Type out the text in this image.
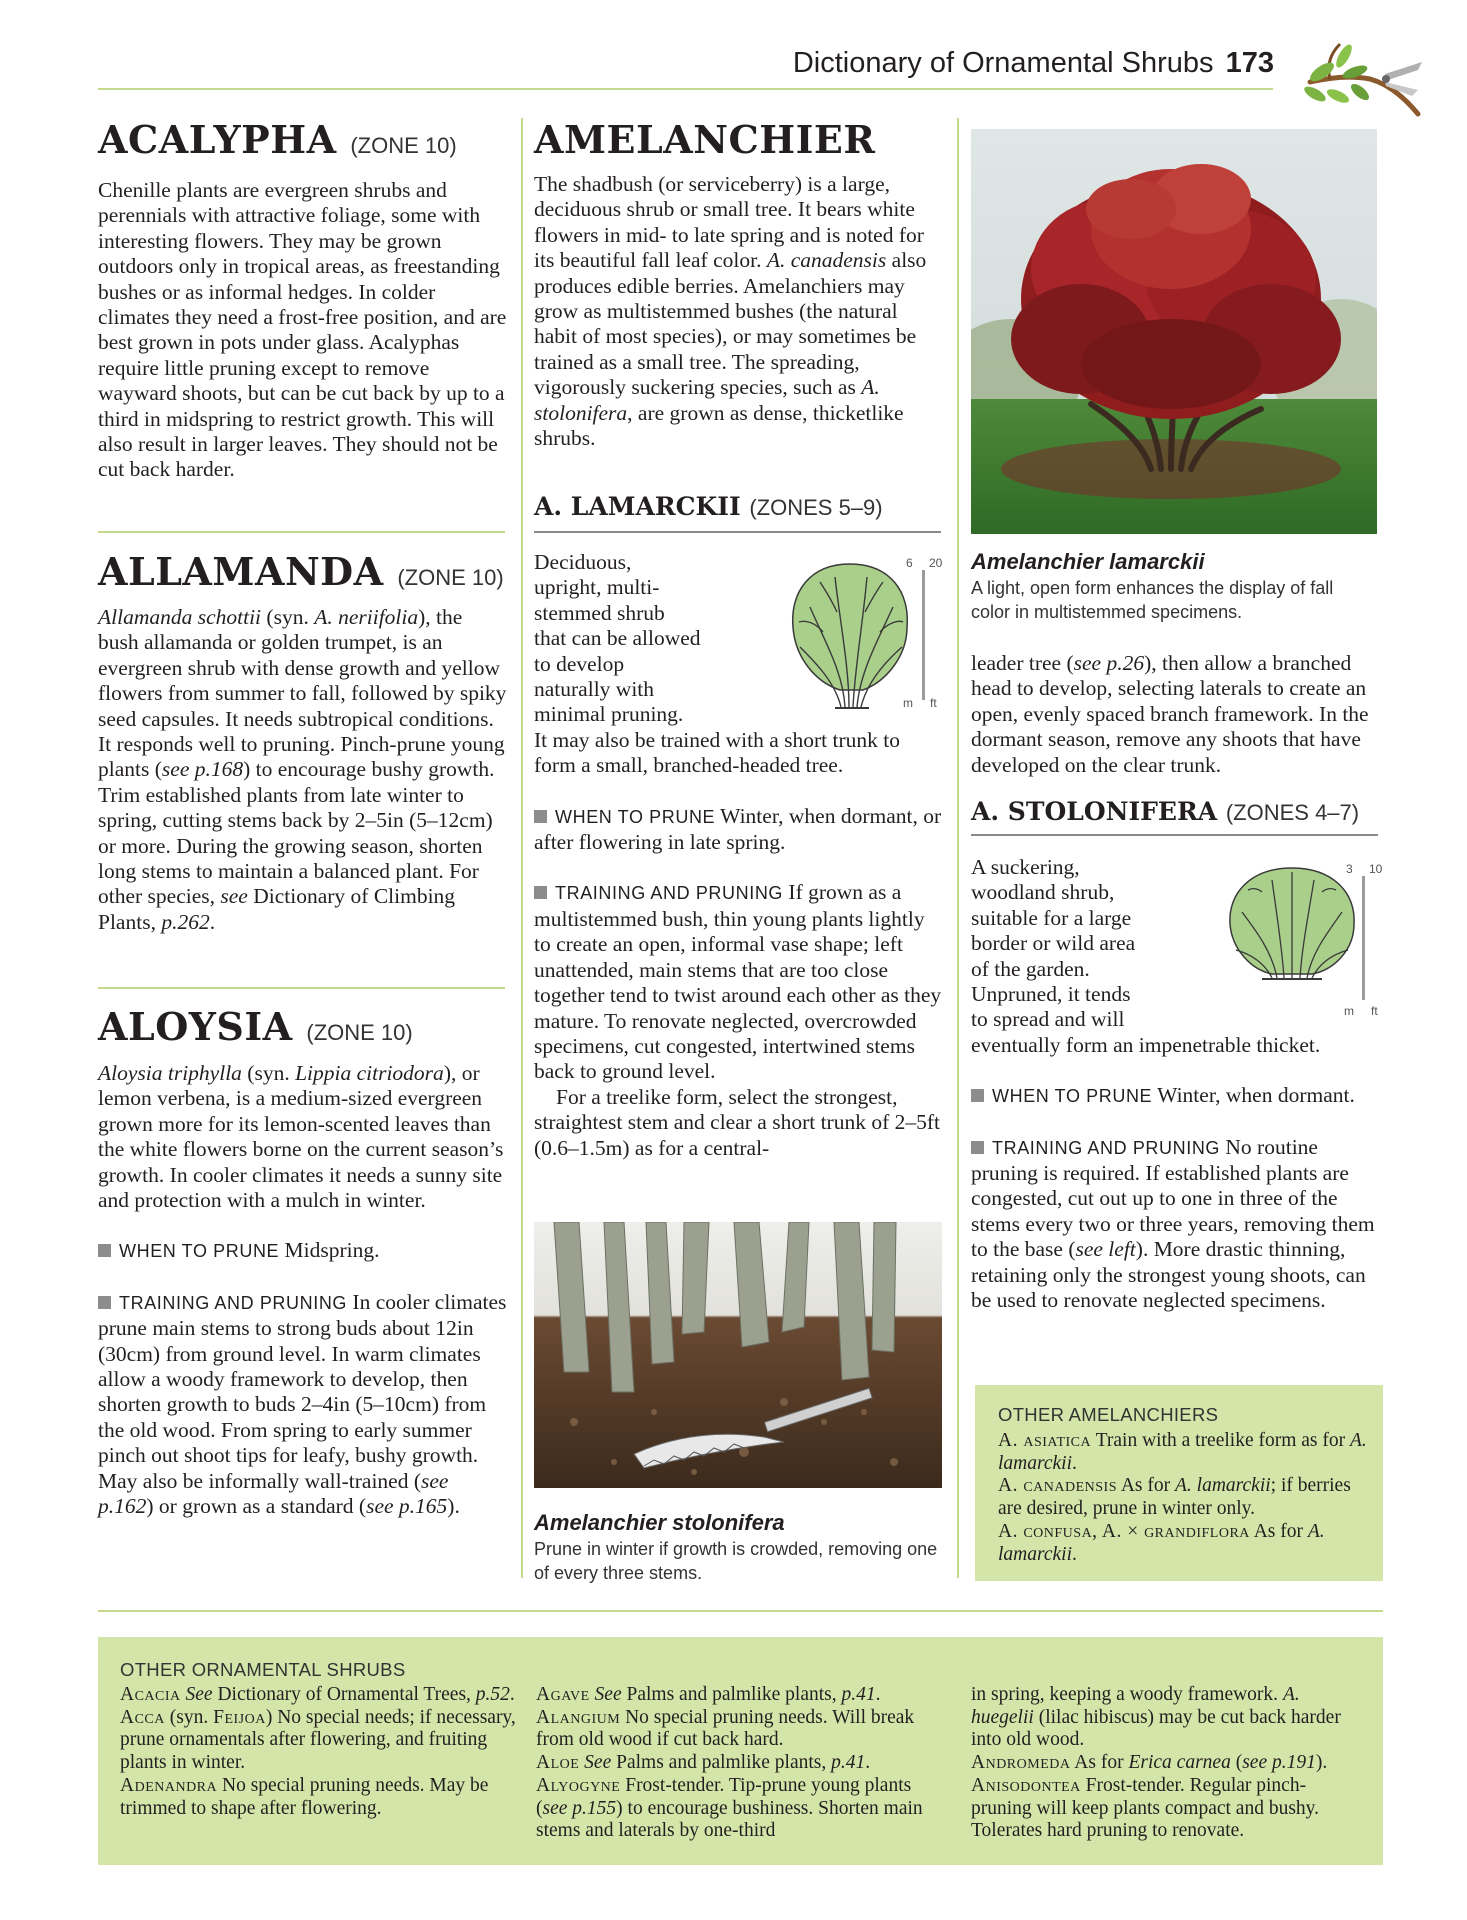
Dictionary of Ornamental Shrubs 173
ACALYPHA (ZONE 10)
Chenille plants are evergreen shrubs and perennials with attractive foliage, some with interesting flowers. They may be grown outdoors only in tropical areas, as freestanding bushes or as informal hedges. In colder climates they need a frost-free position, and are best grown in pots under glass. Acalyphas require little pruning except to remove wayward shoots, but can be cut back by up to a third in midspring to restrict growth. This will also result in larger leaves. They should not be cut back harder.
ALLAMANDA (ZONE 10)
Allamanda schottii (syn. A. neriifolia), the bush allamanda or golden trumpet, is an evergreen shrub with dense growth and yellow flowers from summer to fall, followed by spiky seed capsules. It needs subtropical conditions. It responds well to pruning. Pinch-prune young plants (see p.168) to encourage bushy growth. Trim established plants from late winter to spring, cutting stems back by 2–5in (5–12cm) or more. During the growing season, shorten long stems to maintain a balanced plant. For other species, see Dictionary of Climbing Plants, p.262.
ALOYSIA (ZONE 10)
Aloysia triphylla (syn. Lippia citriodora), or lemon verbena, is a medium-sized evergreen grown more for its lemon-scented leaves than the white flowers borne on the current season’s growth. In cooler climates it needs a sunny site and protection with a mulch in winter.
WHEN TO PRUNE Midspring.
TRAINING AND PRUNING In cooler climates prune main stems to strong buds about 12in (30cm) from ground level. In warm climates allow a woody framework to develop, then shorten growth to buds 2–4in (5–10cm) from the old wood. From spring to early summer pinch out shoot tips for leafy, bushy growth. May also be informally wall-trained (see p.162) or grown as a standard (see p.165).
AMELANCHIER
The shadbush (or serviceberry) is a large, deciduous shrub or small tree. It bears white flowers in mid- to late spring and is noted for its beautiful fall leaf color. A. canadensis also produces edible berries. Amelanchiers may grow as multistemmed bushes (the natural habit of most species), or may sometimes be trained as a small tree. The spreading, vigorously suckering species, such as A. stolonifera, are grown as dense, thicketlike shrubs.
A. LAMARCKII (ZONES 5–9)
Deciduous,
upright, multi-
stemmed shrub
that can be allowed
to develop
naturally with
minimal pruning.
It may also be trained with a short trunk to form a small, branched-headed tree.
WHEN TO PRUNE Winter, when dormant, or after flowering in late spring.
TRAINING AND PRUNING If grown as a multistemmed bush, thin young plants lightly to create an open, informal vase shape; left unattended, main stems that are too close together tend to twist around each other as they mature. To renovate neglected, overcrowded specimens, cut congested, intertwined stems back to ground level.
For a treelike form, select the strongest, straightest stem and clear a short trunk of 2–5ft (0.6–1.5m) as for a central-
6 20
m ft
Amelanchier stolonifera
Prune in winter if growth is crowded, removing one of every three stems.
Amelanchier lamarckii
A light, open form enhances the display of fall color in multistemmed specimens.
leader tree (see p.26), then allow a branched head to develop, selecting laterals to create an open, evenly spaced branch framework. In the dormant season, remove any shoots that have developed on the clear trunk.
A. STOLONIFERA (ZONES 4–7)
A suckering,
woodland shrub,
suitable for a large
border or wild area
of the garden.
Unpruned, it tends
to spread and will
eventually form an impenetrable thicket.
WHEN TO PRUNE Winter, when dormant.
TRAINING AND PRUNING No routine pruning is required. If established plants are congested, cut out up to one in three of the stems every two or three years, removing them to the base (see left). More drastic thinning, retaining only the strongest young shoots, can be used to renovate neglected specimens.
3 10
m ft
OTHER AMELANCHIERS

A. asiatica Train with a treelike form as for A. lamarckii.

A. canadensis As for A. lamarckii; if berries are desired, prune in winter only.

A. confusa, A. × grandiflora As for A. lamarckii.

OTHER ORNAMENTAL SHRUBS

Acacia See Dictionary of Ornamental Trees, p.52.

Acca (syn. Feijoa) No special needs; if necessary, prune ornamentals after flowering, and fruiting plants in winter.

Adenandra No special pruning needs. May be trimmed to shape after flowering.

Agave See Palms and palmlike plants, p.41.

Alangium No special pruning needs. Will break from old wood if cut back hard.

Aloe See Palms and palmlike plants, p.41.

Alyogyne Frost-tender. Tip-prune young plants (see p.155) to encourage bushiness. Shorten main stems and laterals by one-third

in spring, keeping a woody framework. A. huegelii (lilac hibiscus) may be cut back harder into old wood.

Andromeda As for Erica carnea (see p.191).

Anisodontea Frost-tender. Regular pinch-pruning will keep plants compact and bushy. Tolerates hard pruning to renovate.
